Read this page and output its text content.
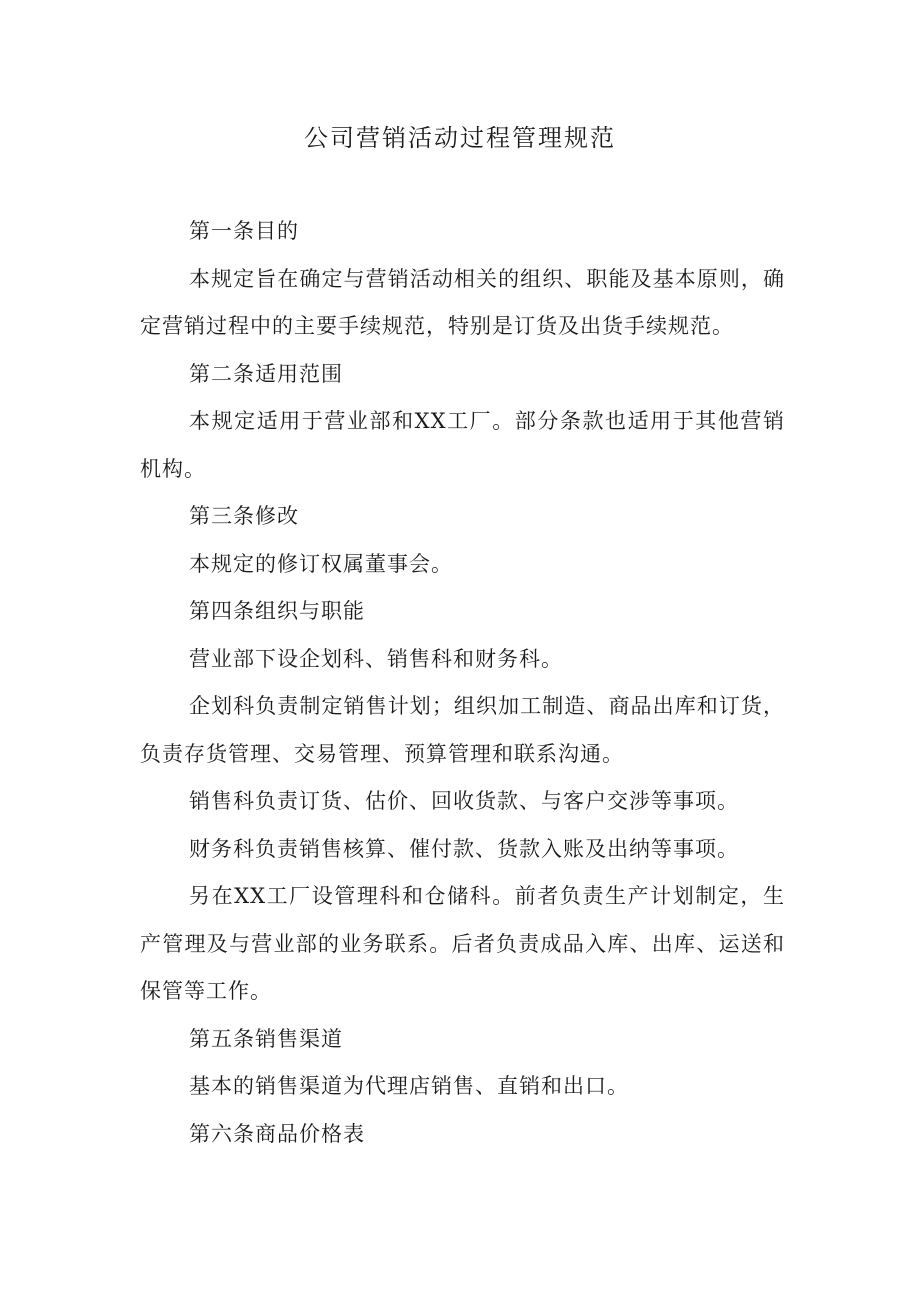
公司营销活动过程管理规范

第一条目的

本规定旨在确定与营销活动相关的组织、职能及基本原则，确定营销过程中的主要手续规范，特别是订货及出货手续规范。

第二条适用范围

本规定适用于营业部和XX工厂。部分条款也适用于其他营销机构。

第三条修改

本规定的修订权属董事会。

第四条组织与职能

营业部下设企划科、销售科和财务科。

企划科负责制定销售计划；组织加工制造、商品出库和订货，负责存货管理、交易管理、预算管理和联系沟通。

销售科负责订货、估价、回收货款、与客户交涉等事项。

财务科负责销售核算、催付款、货款入账及出纳等事项。

另在XX工厂设管理科和仓储科。前者负责生产计划制定，生产管理及与营业部的业务联系。后者负责成品入库、出库、运送和保管等工作。

第五条销售渠道

基本的销售渠道为代理店销售、直销和出口。

第六条商品价格表
